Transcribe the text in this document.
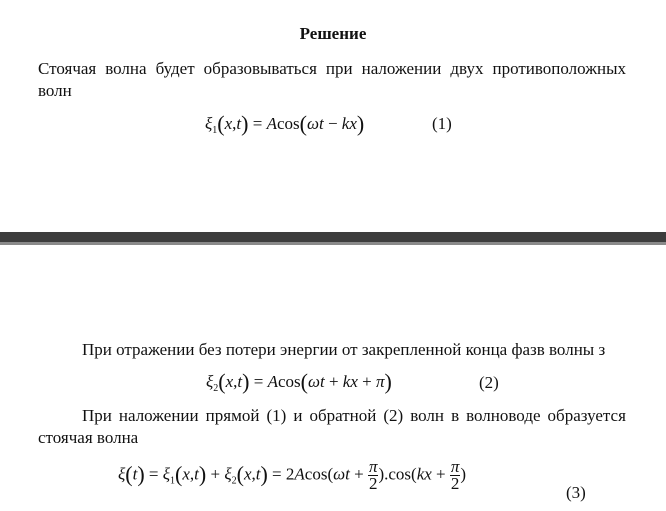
Решение
Стоячая волна будет образовываться при наложении двух противоположных
волн
$\xi_1(x,t) = Acos(\omega t - kx)$	(1)
При отражении без потери энергии от закрепленной конца фазв волны з
$\xi_2(x,t) = Acos(\omega t$ + kx + π)	(2)
При наложении прямой (1) и обратной (2) волн в волноводе образуется
стоячая волна
$\xi(t) = \xi_1(x,t) + \xi_2(x,t) = 2Acos(\omega t + \frac{\pi}{2} ).\cos(kx + \frac{\pi}{2}$ )
(3)
